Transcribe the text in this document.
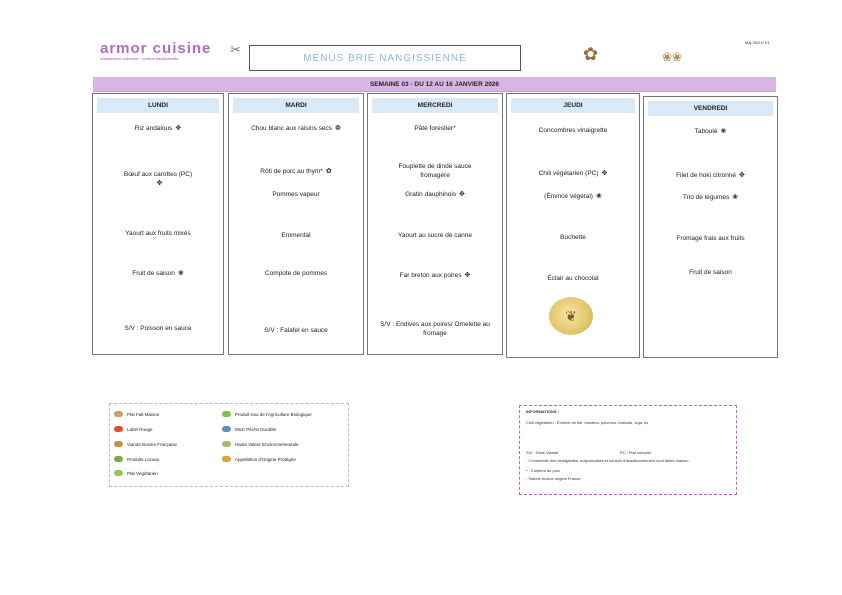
armor cuisine
restauration collective · cuisine traditionnelle
✂
MENUS BRIE NANGISSIENNE	✿	❀❀
Maj 30/01/ V1
SEMAINE 03 - DU 12 AU 16 JANVIER 2026
LUNDI
Riz andalous ✥
Bœuf aux carottes (PC)✥
Yaourt aux fruits mixés
Fruit de saison ❀
S/V : Poisson en sauce
MARDI
Chou blanc aux raisins secs ❁
Rôti de porc au thym* ✿
Pommes vapeur
Emmental
Compote de pommes
S/V : Falafel en sauce
MERCREDI
Pâté forestier*
Fouplette de dinde sauce fromagère
Gratin dauphinois ✥
Yaourt au sucre de canne
Far breton aux poires ✥
S/V : Endives aux poires/ Omelette au fromage
JEUDI
Concombres vinaigrette
Chili végétarien (PC) ✥
(Émincé végétal) ❀
Buchette
Éclair au chocolat
❦
VENDREDI
Taboulé ❀
Filet de hoki citronné ✥
Trio de légumes ❀
Fromage frais aux fruits
Fruit de saison
Plat Fait Maison
Label Rouge
Viande Bovine Française
Produits Locaux
Plat Végétarien
Produit issu de l'Agriculture Biologique
MSC Pêche Durable
Haute Valeur Environnementale
Appellation d'Origine Protégée
INFORMATIONS :
Chili végétarien : Émincé de blé, tomates, poivrons, haricots, soja, riz
S/V : Sans Viande	PC : Plat complet
- L'ensemble des vinaigrettes, mayonnaises et sauces d'assaisonnement sont faites maison
* : Contient du porc
- Viande bovine origine France
